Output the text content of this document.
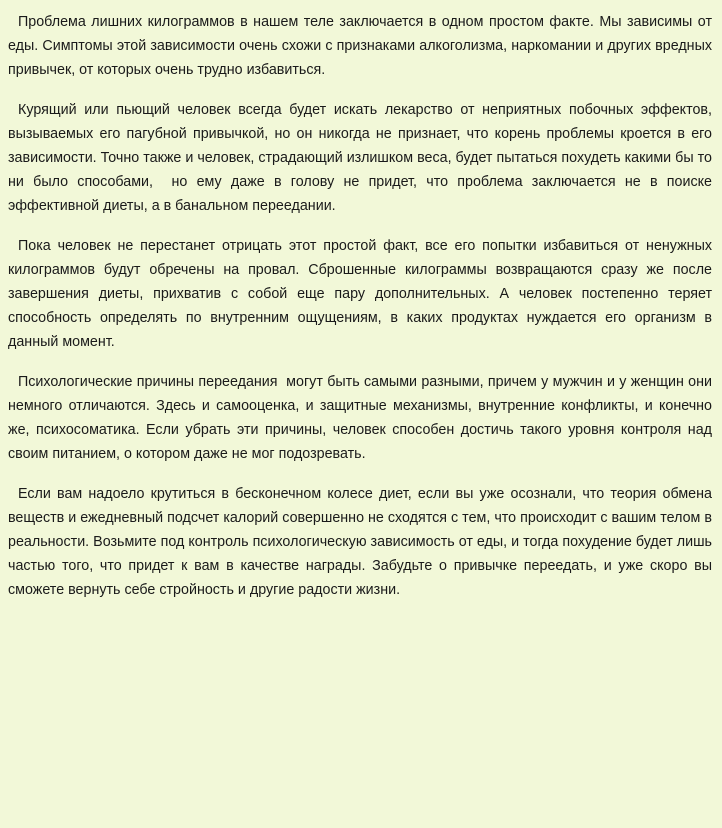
Проблема лишних килограммов в нашем теле заключается в одном простом факте. Мы зависимы от еды. Симптомы этой зависимости очень схожи с признаками алкоголизма, наркомании и других вредных привычек, от которых очень трудно избавиться.

Курящий или пьющий человек всегда будет искать лекарство от неприятных побочных эффектов, вызываемых его пагубной привычкой, но он никогда не признает, что корень проблемы кроется в его зависимости. Точно также и человек, страдающий излишком веса, будет пытаться похудеть какими бы то ни было способами,  но ему даже в голову не придет, что проблема заключается не в поиске эффективной диеты, а в банальном переедании.

Пока человек не перестанет отрицать этот простой факт, все его попытки избавиться от ненужных  килограммов будут обречены на провал. Сброшенные килограммы возвращаются сразу же после завершения диеты, прихватив с собой еще пару дополнительных. А человек постепенно теряет способность определять по внутренним ощущениям, в каких продуктах нуждается его организм в данный момент.

Психологические причины переедания  могут быть самыми разными, причем у мужчин и у женщин они немного отличаются. Здесь и самооценка, и защитные механизмы, внутренние конфликты, и конечно же, психосоматика. Если убрать эти причины, человек способен достичь такого уровня контроля над своим питанием, о котором даже не мог подозревать.

Если вам надоело крутиться в бесконечном колесе диет, если вы уже осознали, что теория обмена веществ и ежедневный подсчет калорий совершенно не сходятся с тем, что происходит с вашим телом в реальности. Возьмите под контроль психологическую зависимость от еды, и тогда похудение будет лишь частью того, что придет к вам в качестве награды. Забудьте о привычке переедать, и уже скоро вы сможете вернуть себе стройность и другие радости жизни.
